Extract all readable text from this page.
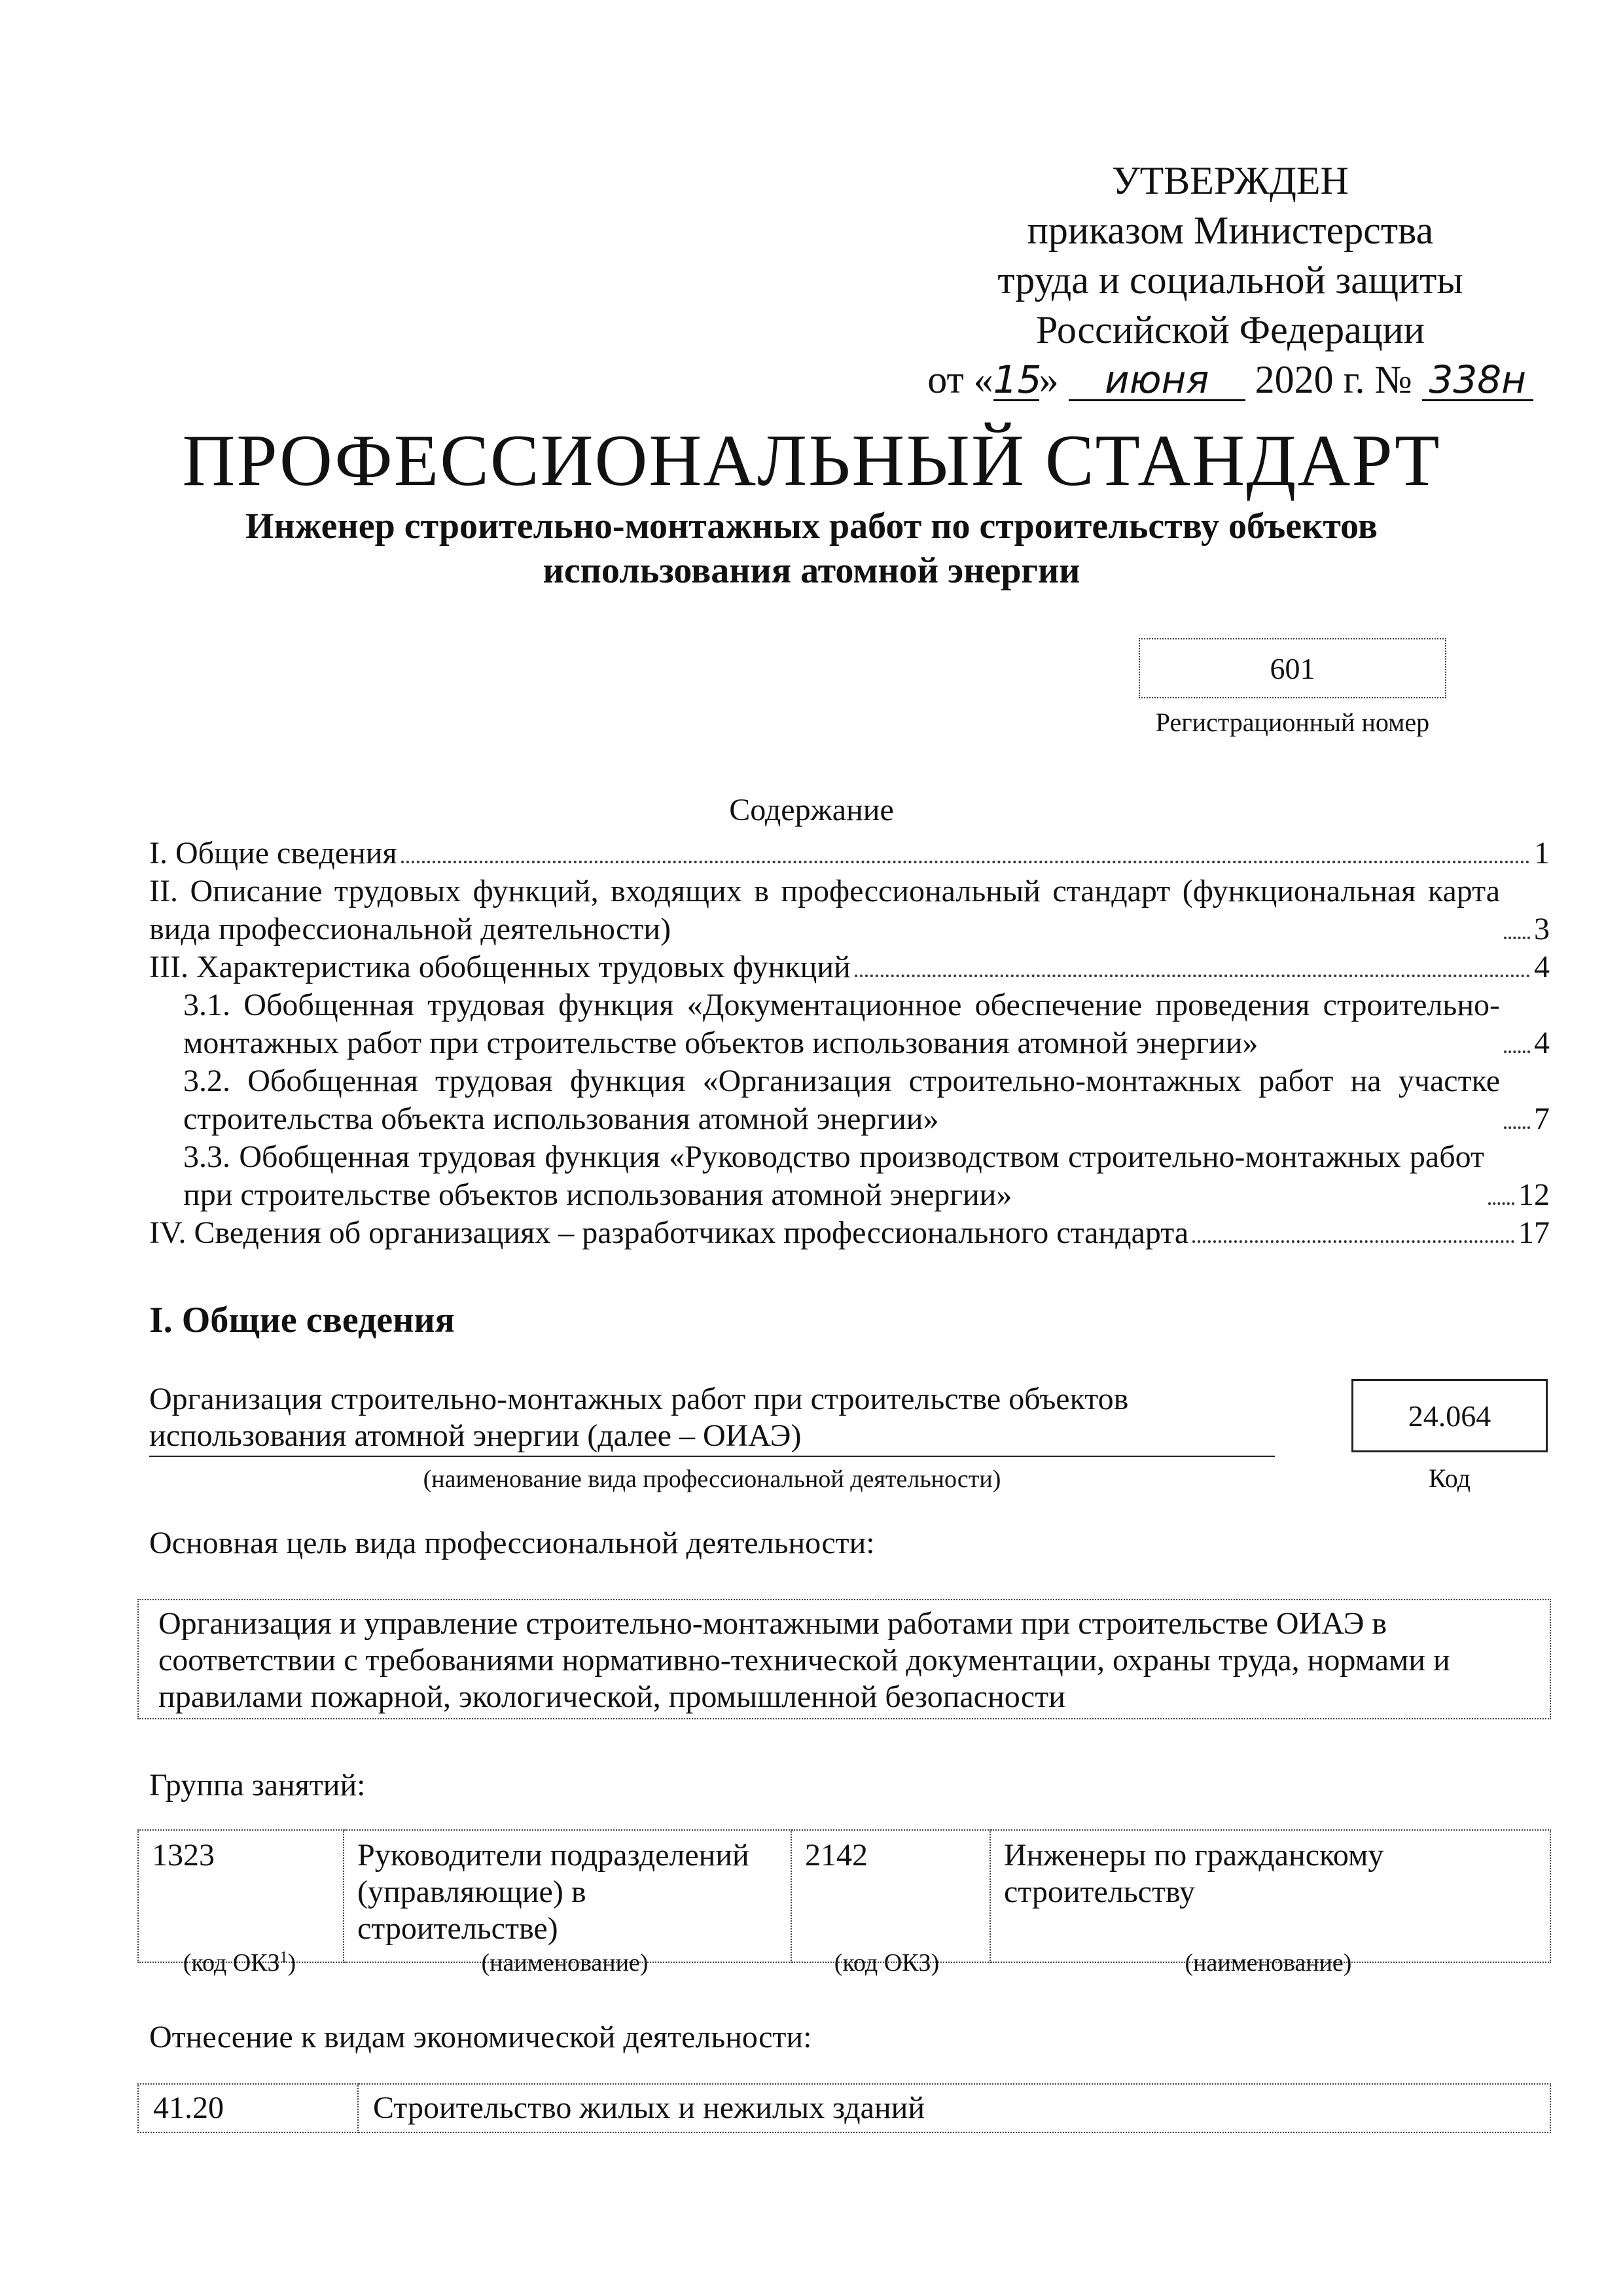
УТВЕРЖДЕН
приказом Министерства
труда и социальной защиты
Российской Федерации
от «15» июня 2020 г. № 338н
ПРОФЕССИОНАЛЬНЫЙ СТАНДАРТ
Инженер строительно-монтажных работ по строительству объектов использования атомной энергии
601
Регистрационный номер
Содержание
I. Общие сведения	1
II. Описание трудовых функций, входящих в профессиональный стандарт (функциональная карта вида профессиональной деятельности)	3
III. Характеристика обобщенных трудовых функций	4
3.1. Обобщенная трудовая функция «Документационное обеспечение проведения строительно-монтажных работ при строительстве объектов использования атомной энергии»	4
3.2. Обобщенная трудовая функция «Организация строительно-монтажных работ на участке строительства объекта использования атомной энергии»	7
3.3. Обобщенная трудовая функция «Руководство производством строительно-монтажных работ при строительстве объектов использования атомной энергии»	12
IV. Сведения об организациях – разработчиках профессионального стандарта	17
I. Общие сведения
Организация строительно-монтажных работ при строительстве объектов использования атомной энергии (далее – ОИАЭ)
(наименование вида профессиональной деятельности)
24.064
Код
Основная цель вида профессиональной деятельности:
Организация и управление строительно-монтажными работами при строительстве ОИАЭ в соответствии с требованиями нормативно-технической документации, охраны труда, нормами и правилами пожарной, экологической, промышленной безопасности
Группа занятий:
1323	Руководители подразделений (управляющие) в строительстве)	2142	Инженеры по гражданскому строительству
(код ОКЗ$^1$)	(наименование)	(код ОКЗ)	(наименование)
Отнесение к видам экономической деятельности:
41.20	Строительство жилых и нежилых зданий
